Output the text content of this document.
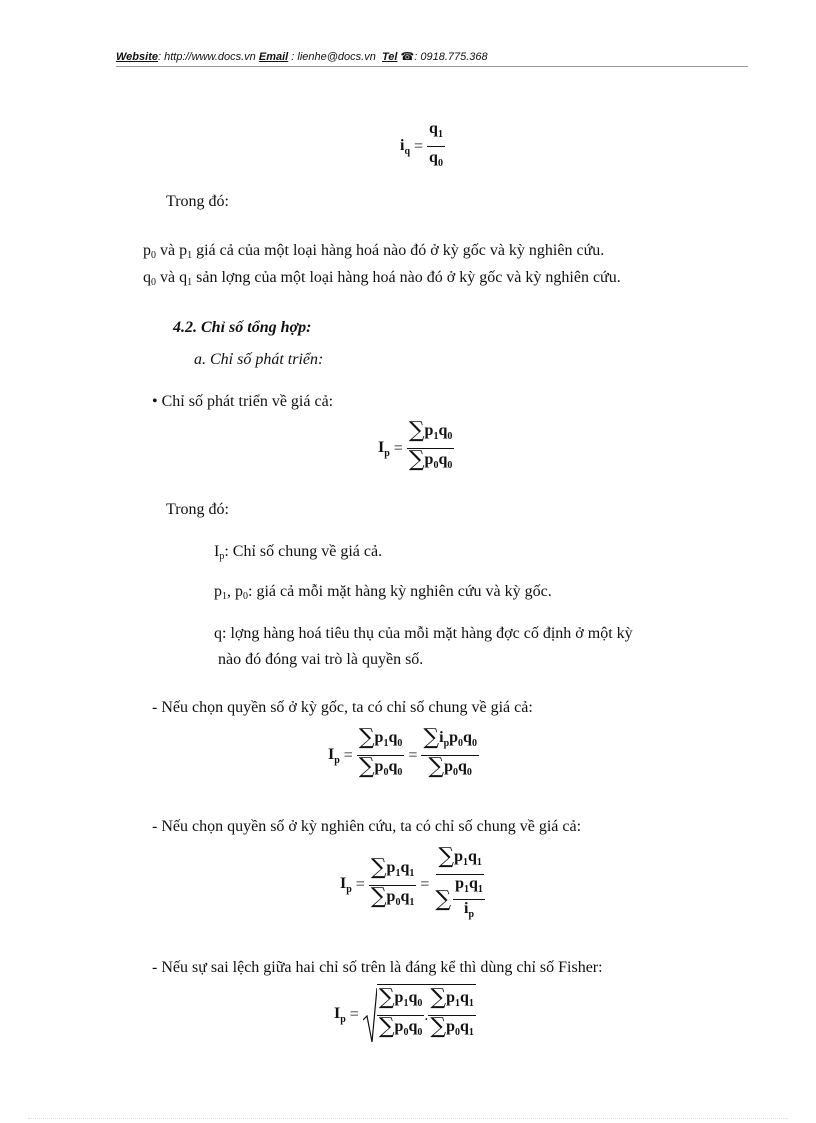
Website: http://www.docs.vn Email : lienhe@docs.vn Tel ☎: 0918.775.368
$i_q = \frac{q_1}{q_0}$
Trong đó:
$p_0$ và $p_1$ giá cả của một loại hàng hoá nào đó ở kỳ gốc và kỳ nghiên cứu.
$q_0$ và $q_1$ sản lợng của một loại hàng hoá nào đó ở kỳ gốc và kỳ nghiên cứu.
4.2. Chỉ số tổng hợp:
a. Chỉ số phát triển:
• Chỉ số phát triển về giá cả:
$I_p = \frac{\sum p_1q_0}{\sum p_0q_0}$
Trong đó:
$I_p$: Chỉ số chung về giá cả.
$p_1$, $p_0$: giá cả mỗi mặt hàng kỳ nghiên cứu và kỳ gốc.
q: lợng hàng hoá tiêu thụ của mỗi mặt hàng đợc cố định ở một kỳ
nào đó đóng vai trò là quyền số.
- Nếu chọn quyền số ở kỳ gốc, ta có chỉ số chung về giá cả:
$I_p = \frac{\sum p_1q_0}{\sum p_0q_0} = \frac{\sum i_pp_0q_0}{\sum p_0q_0}$
- Nếu chọn quyền số ở kỳ nghiên cứu, ta có chỉ số chung về giá cả:
$I_p = \frac{\sum p_1q_1}{\sum p_0q_1} = \frac{\sum p_1q_1}{\sum \frac{p_1q_1}{i_p}}$
- Nếu sự sai lệch giữa hai chỉ số trên là đáng kể thì dùng chỉ số Fisher:
$I_p = \frac{\sum p_1q_0}{\sum p_0q_0}$ . $\frac{\sum p_1q_1}{\sum p_0q_1}$
